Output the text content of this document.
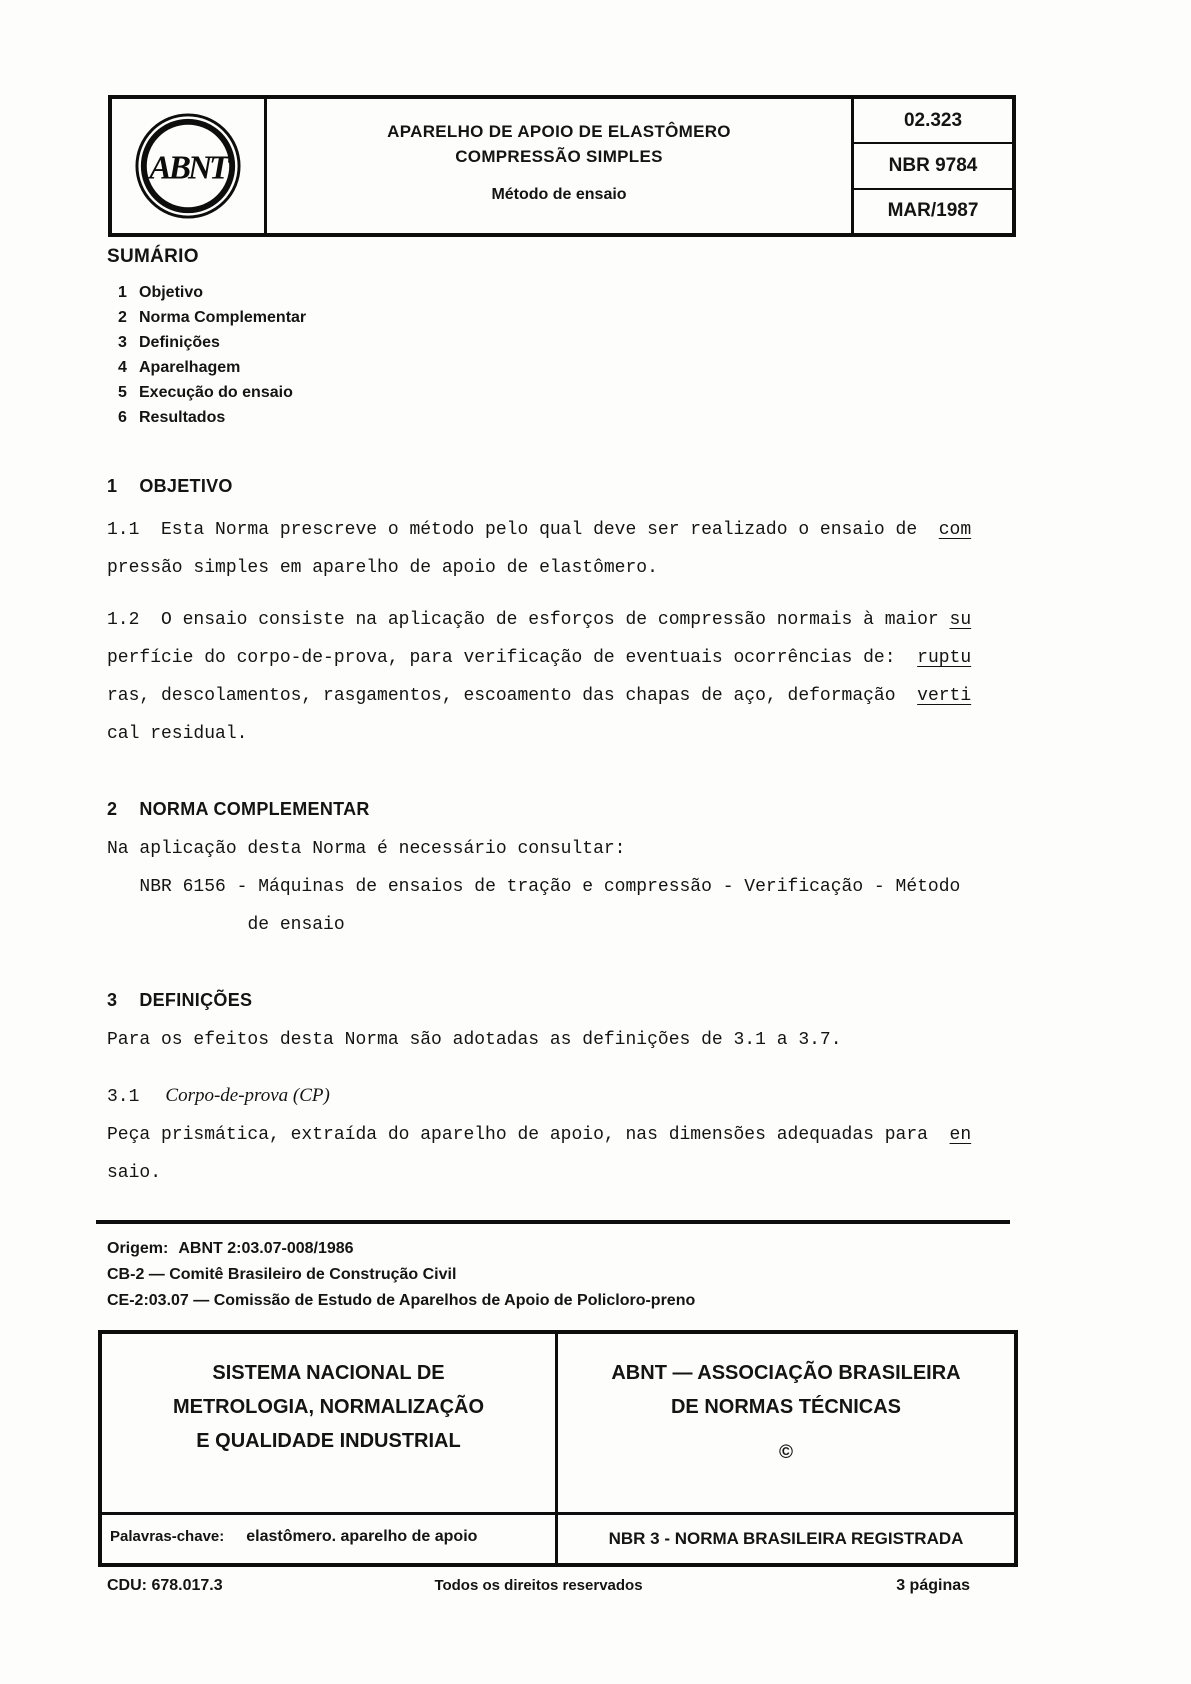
ABNT
APARELHO DE APOIO DE ELASTÔMERO
COMPRESSÃO SIMPLES
Método de ensaio
02.323
NBR 9784
MAR/1987
SUMÁRIO
1 Objetivo
2 Norma Complementar
3 Definições
4 Aparelhagem
5 Execução do ensaio
6 Resultados
1 OBJETIVO
1.1  Esta Norma prescreve o método pelo qual deve ser realizado o ensaio de  com
pressão simples em aparelho de apoio de elastômero.
1.2  O ensaio consiste na aplicação de esforços de compressão normais à maior su
perfície do corpo-de-prova, para verificação de eventuais ocorrências de:  ruptu
ras, descolamentos, rasgamentos, escoamento das chapas de aço, deformação  verti
cal residual.
2 NORMA COMPLEMENTAR
Na aplicação desta Norma é necessário consultar:
NBR 6156 - Máquinas de ensaios de tração e compressão - Verificação - Método
de ensaio
3 DEFINIÇÕES
Para os efeitos desta Norma são adotadas as definições de 3.1 a 3.7.
3.1 Corpo-de-prova (CP)
Peça prismática, extraída do aparelho de apoio, nas dimensões adequadas para  en
saio.
Origem: ABNT 2:03.07-008/1986
CB-2 — Comitê Brasileiro de Construção Civil
CE-2:03.07 — Comissão de Estudo de Aparelhos de Apoio de Policloro-preno
SISTEMA NACIONAL DE
METROLOGIA, NORMALIZAÇÃO
E QUALIDADE INDUSTRIAL
ABNT — ASSOCIAÇÃO BRASILEIRA
DE NORMAS TÉCNICAS
©
Palavras-chave: elastômero. aparelho de apoio	NBR 3 - NORMA BRASILEIRA REGISTRADA
CDU: 678.017.3	Todos os direitos reservados	3 páginas
